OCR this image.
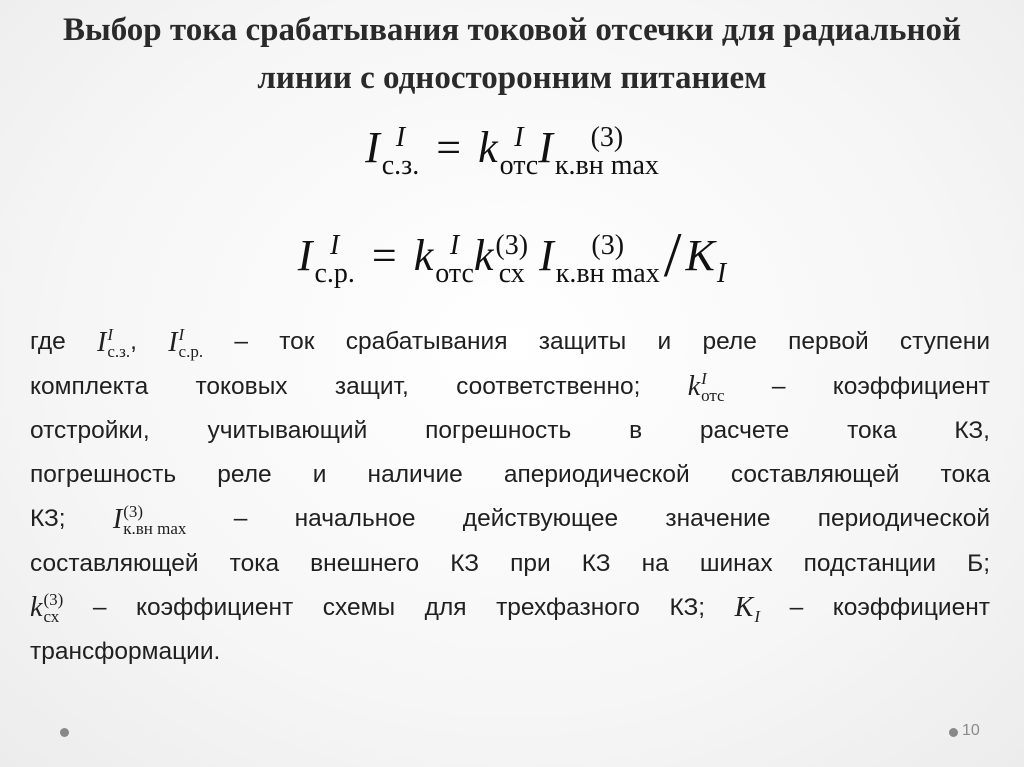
Выбор тока срабатывания токовой отсечки для радиальной линии с односторонним питанием
I I
с.з. = k I
отс I	(3)
к.вн max
I I
с.р. = k I
отс k (3)
сх I	(3)
к.вн max /K
I

где I I
с.з. , I I
с.р. – ток срабатывания защиты и реле первой ступени

комплекта токовых защит, соответственно; k I
отс – коэффициент

отстройки, учитывающий погрешность в расчете тока КЗ,

погрешность реле и наличие апериодической составляющей тока

КЗ; I (3)
к.вн max – начальное действующее значение периодической

составляющей тока внешнего КЗ при КЗ на шинах подстанции Б;

k (3)
сх – коэффициент схемы для трехфазного КЗ; K
I – коэффициент

трансформации.

10
